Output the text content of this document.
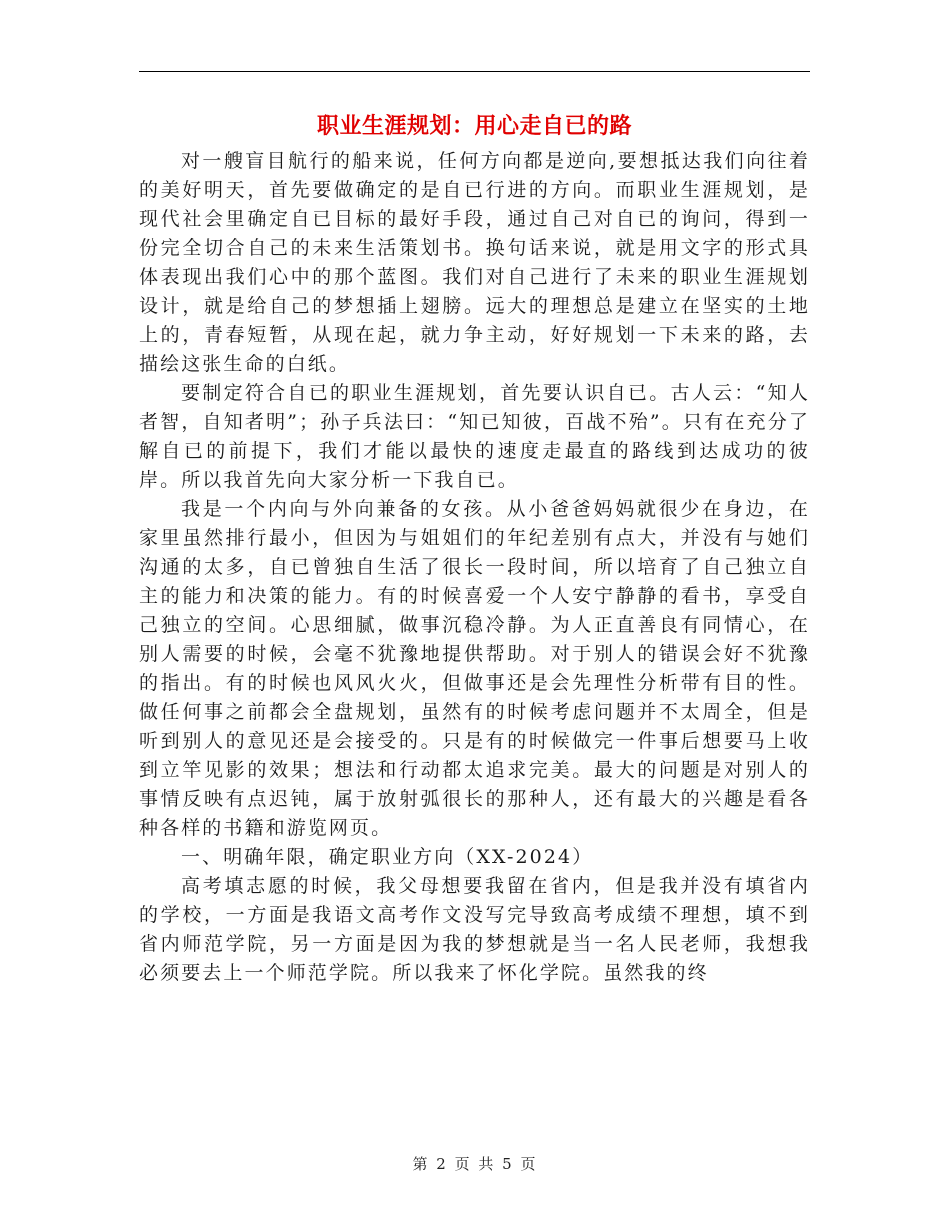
职业生涯规划：用心走自已的路

对一艘盲目航行的船来说，任何方向都是逆向,要想抵达我们向往着的美好明天，首先要做确定的是自已行进的方向。而职业生涯规划，是现代社会里确定自已目标的最好手段，通过自己对自已的询问，得到一份完全切合自己的未来生活策划书。换句话来说，就是用文字的形式具体表现出我们心中的那个蓝图。我们对自己进行了未来的职业生涯规划设计，就是给自己的梦想插上翅膀。远大的理想总是建立在坚实的土地上的，青春短暂，从现在起，就力争主动，好好规划一下未来的路，去描绘这张生命的白纸。

要制定符合自已的职业生涯规划，首先要认识自已。古人云：“知人者智，自知者明”；孙子兵法曰：“知已知彼，百战不殆”。只有在充分了解自已的前提下，我们才能以最快的速度走最直的路线到达成功的彼岸。所以我首先向大家分析一下我自已。

我是一个内向与外向兼备的女孩。从小爸爸妈妈就很少在身边，在家里虽然排行最小，但因为与姐姐们的年纪差别有点大，并没有与她们沟通的太多，自已曾独自生活了很长一段时间，所以培育了自己独立自主的能力和决策的能力。有的时候喜爱一个人安宁静静的看书，享受自己独立的空间。心思细腻，做事沉稳冷静。为人正直善良有同情心，在别人需要的时候，会毫不犹豫地提供帮助。对于别人的错误会好不犹豫的指出。有的时候也风风火火，但做事还是会先理性分析带有目的性。做任何事之前都会全盘规划，虽然有的时候考虑问题并不太周全，但是听到别人的意见还是会接受的。只是有的时候做完一件事后想要马上收到立竿见影的效果；想法和行动都太追求完美。最大的问题是对别人的事情反映有点迟钝，属于放射弧很长的那种人，还有最大的兴趣是看各种各样的书籍和游览网页。

一、明确年限，确定职业方向（XX-2024）

高考填志愿的时候，我父母想要我留在省内，但是我并没有填省内的学校，一方面是我语文高考作文没写完导致高考成绩不理想，填不到省内师范学院，另一方面是因为我的梦想就是当一名人民老师，我想我必须要去上一个师范学院。所以我来了怀化学院。虽然我的终

第 2 页 共 5 页
